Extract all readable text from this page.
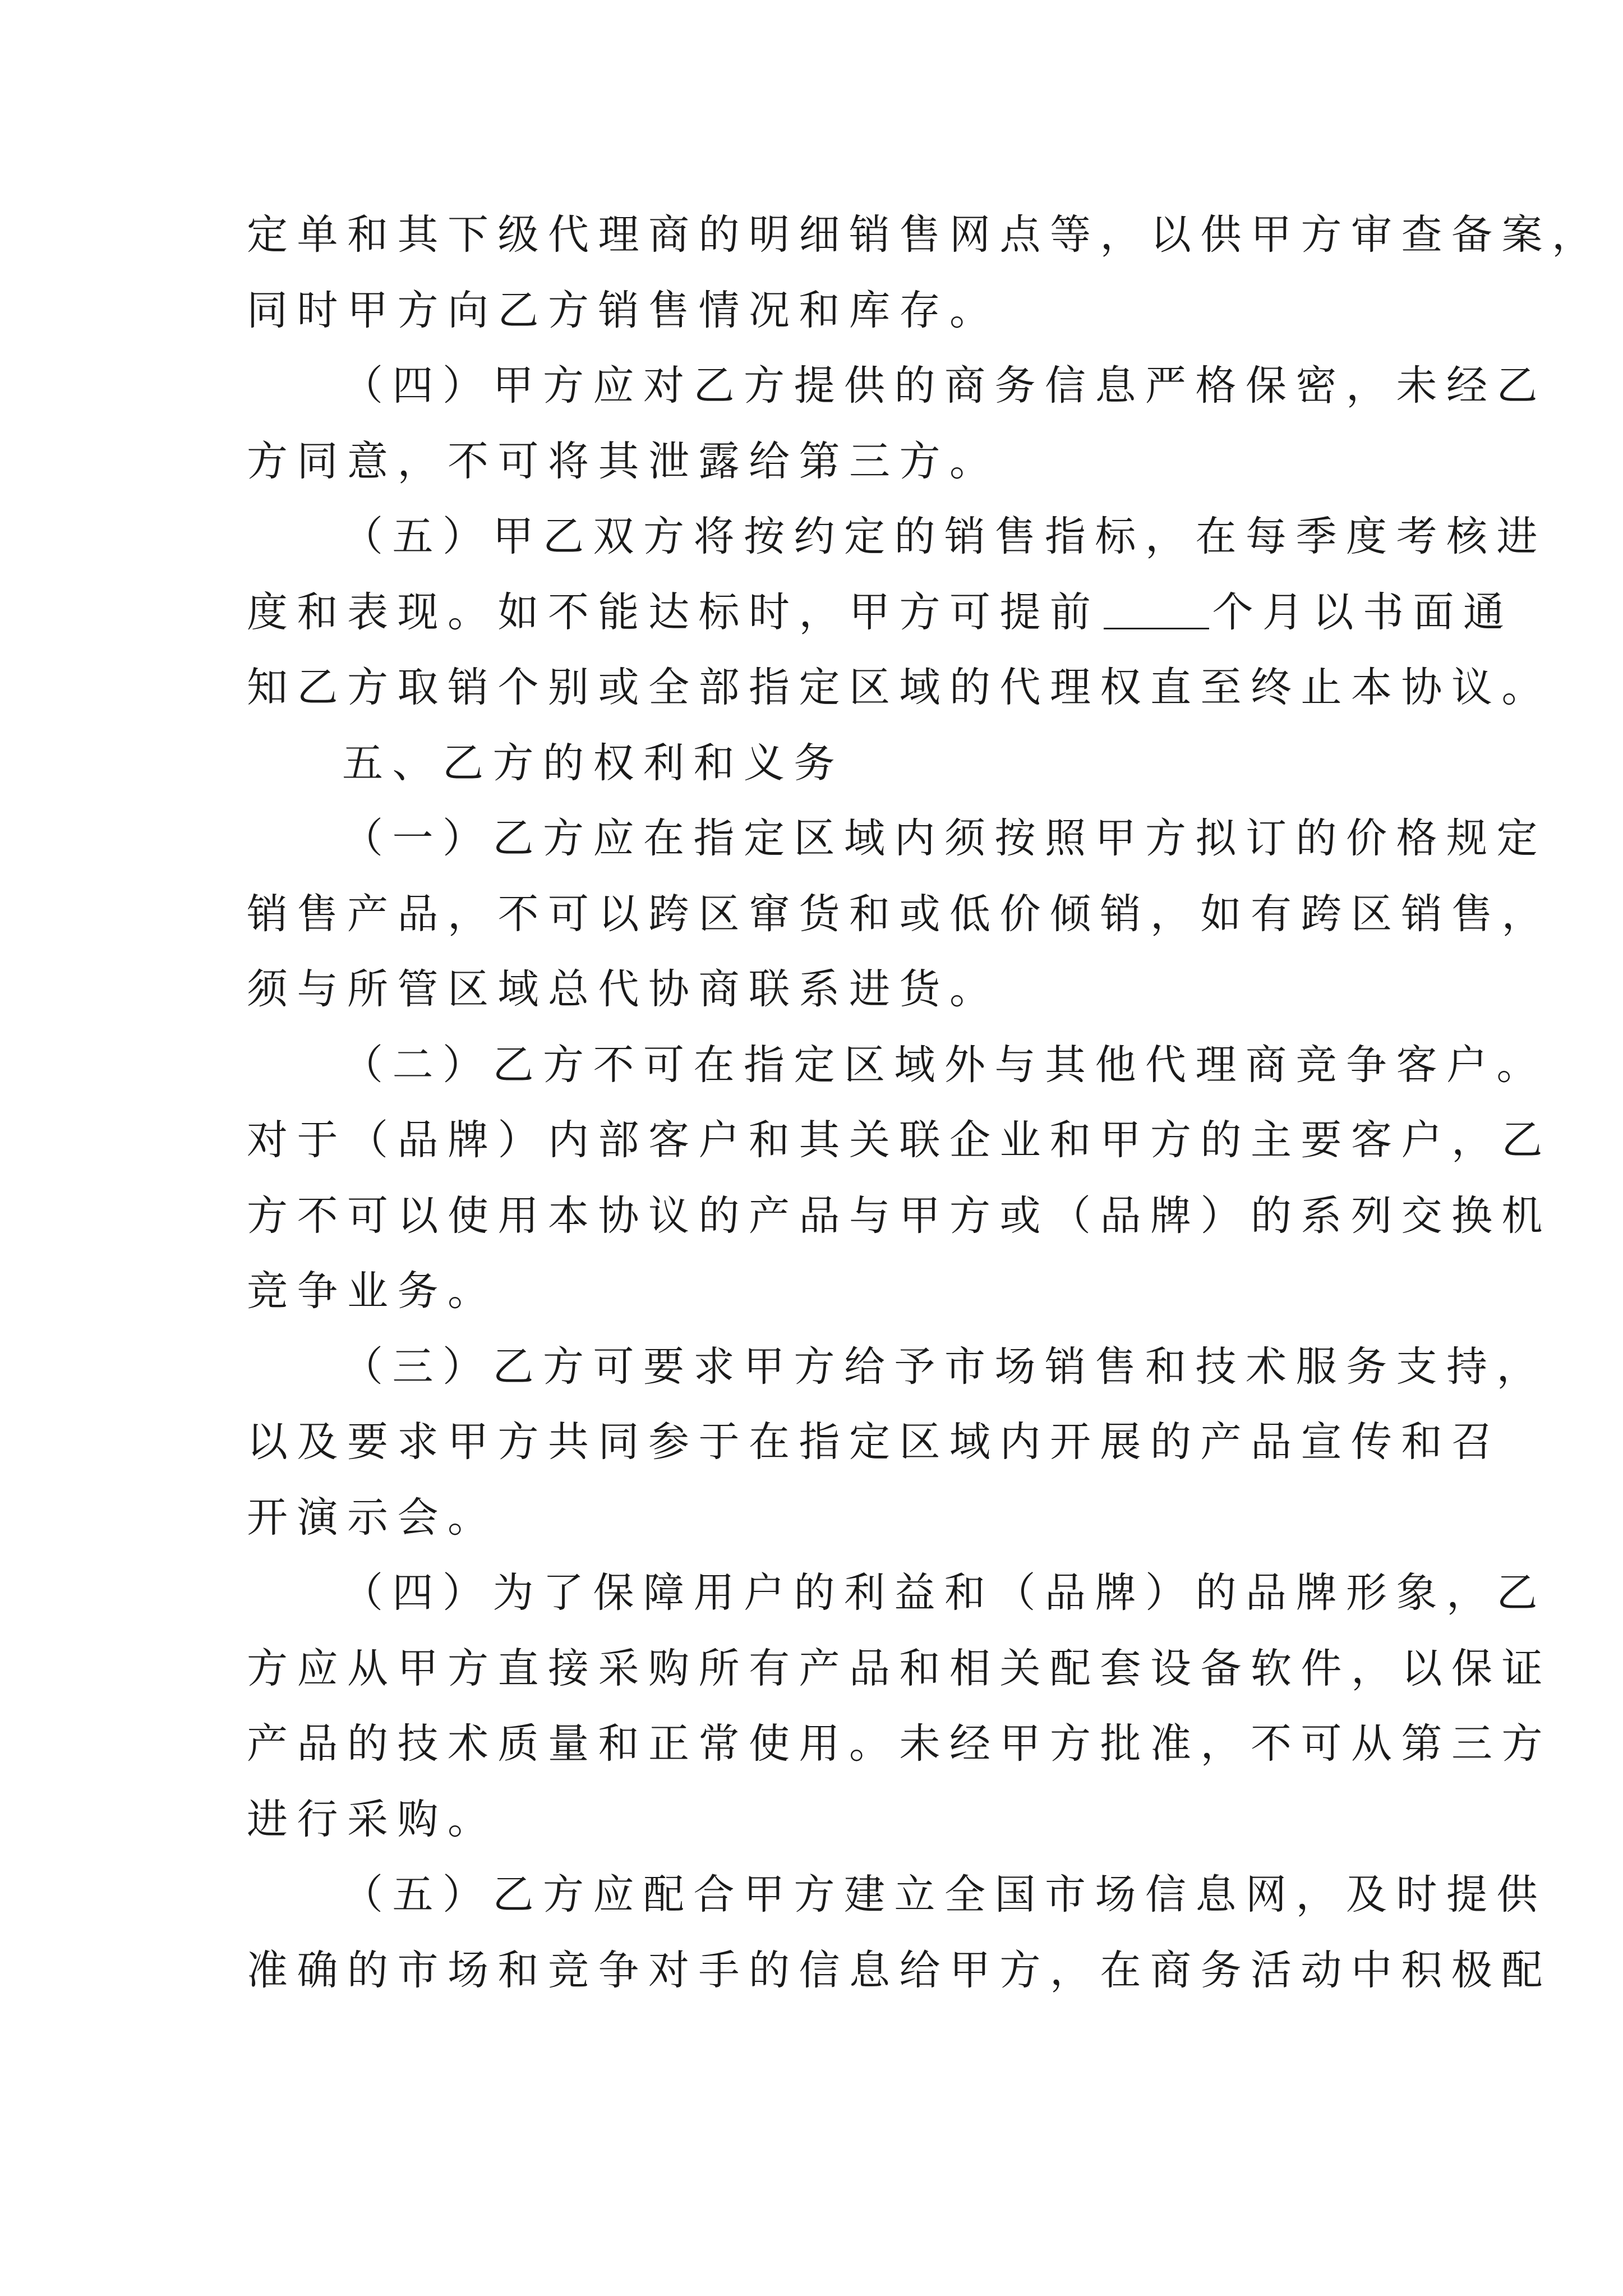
定单和其下级代理商的明细销售网点等，以供甲方审查备案，
同时甲方向乙方销售情况和库存。
（四）甲方应对乙方提供的商务信息严格保密，未经乙
方同意，不可将其泄露给第三方。
（五）甲乙双方将按约定的销售指标，在每季度考核进
度和表现。如不能达标时，甲方可提前	个月以书面通
知乙方取销个别或全部指定区域的代理权直至终止本协议。
五、乙方的权利和义务
（一）乙方应在指定区域内须按照甲方拟订的价格规定
销售产品，不可以跨区窜货和或低价倾销，如有跨区销售，
须与所管区域总代协商联系进货。
（二）乙方不可在指定区域外与其他代理商竞争客户。
对于（品牌）内部客户和其关联企业和甲方的主要客户，乙
方不可以使用本协议的产品与甲方或（品牌）的系列交换机
竞争业务。
（三）乙方可要求甲方给予市场销售和技术服务支持，
以及要求甲方共同参于在指定区域内开展的产品宣传和召
开演示会。
（四）为了保障用户的利益和（品牌）的品牌形象，乙
方应从甲方直接采购所有产品和相关配套设备软件，以保证
产品的技术质量和正常使用。未经甲方批准，不可从第三方
进行采购。
（五）乙方应配合甲方建立全国市场信息网，及时提供
准确的市场和竞争对手的信息给甲方，在商务活动中积极配
